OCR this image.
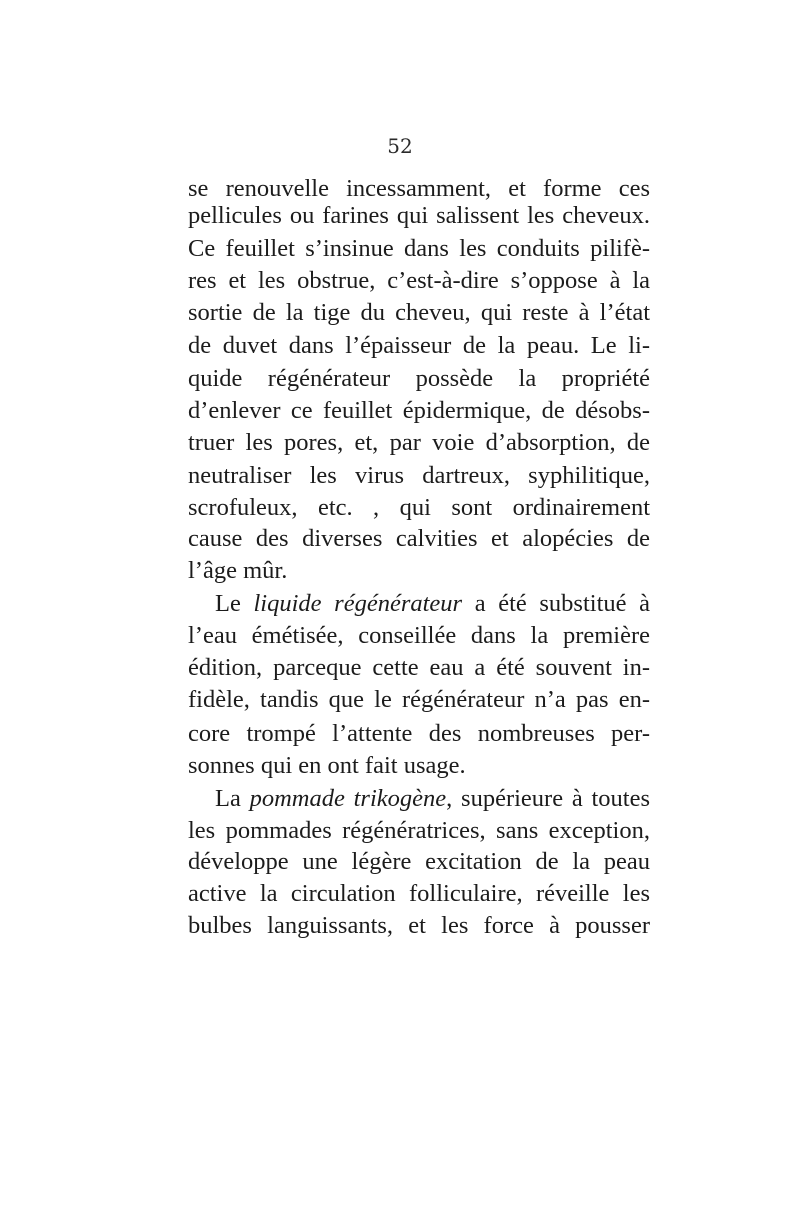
52
se renouvelle incessamment, et forme ces
pellicules ou farines qui salissent les cheveux.
Ce feuillet s’insinue dans les conduits pilifè-
res et les obstrue, c’est-à-dire s’oppose à la
sortie de la tige du cheveu, qui reste à l’état
de duvet dans l’épaisseur de la peau. Le li-
quide régénérateur possède la propriété
d’enlever ce feuillet épidermique, de désobs-
truer les pores, et, par voie d’absorption, de
neutraliser les virus dartreux, syphilitique,
scrofuleux, etc. , qui sont ordinairement
cause des diverses calvities et alopécies de
l’âge mûr.
Le liquide régénérateur a été substitué à
l’eau émétisée, conseillée dans la première
édition, parceque cette eau a été souvent in-
fidèle, tandis que le régénérateur n’a pas en-
core trompé l’attente des nombreuses per-
sonnes qui en ont fait usage.
La pommade trikogène, supérieure à toutes
les pommades régénératrices, sans exception,
développe une légère excitation de la peau
active la circulation folliculaire, réveille les
bulbes languissants, et les force à pousser
